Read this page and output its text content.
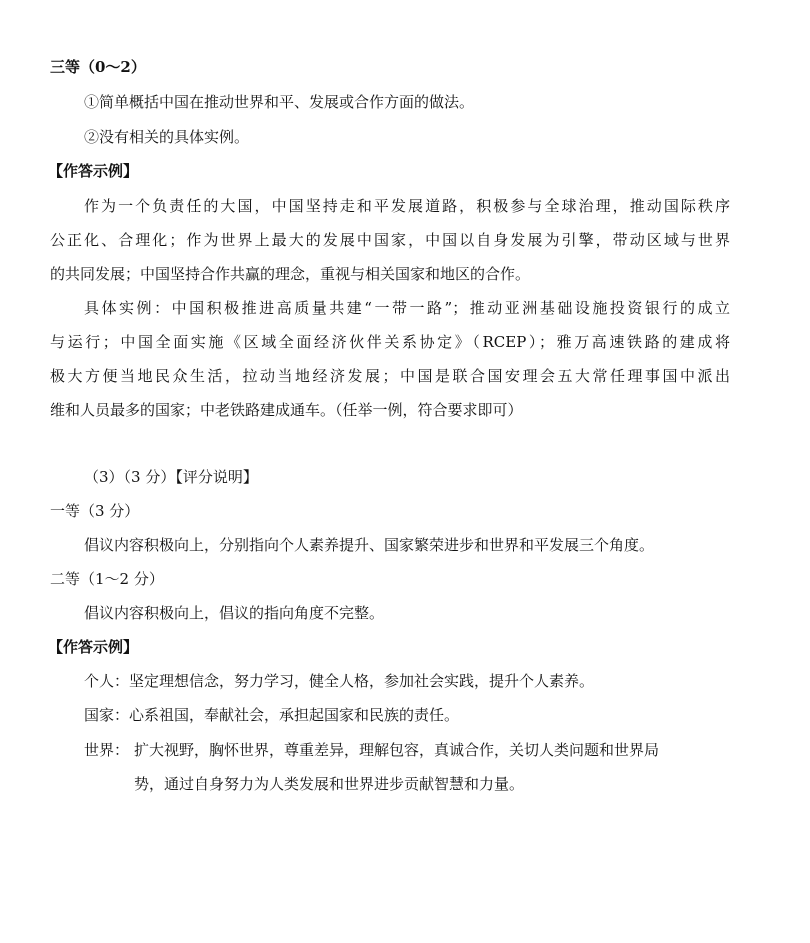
三等（0～2）
①简单概括中国在推动世界和平、发展或合作方面的做法。
②没有相关的具体实例。
【作答示例】
作为一个负责任的大国，中国坚持走和平发展道路，积极参与全球治理，推动国际秩序
公正化、合理化；作为世界上最大的发展中国家，中国以自身发展为引擎，带动区域与世界
的共同发展；中国坚持合作共赢的理念，重视与相关国家和地区的合作。
具体实例：中国积极推进高质量共建“一带一路”；推动亚洲基础设施投资银行的成立
与运行；中国全面实施《区域全面经济伙伴关系协定》（RCEP）；雅万高速铁路的建成将
极大方便当地民众生活，拉动当地经济发展；中国是联合国安理会五大常任理事国中派出
维和人员最多的国家；中老铁路建成通车。（任举一例，符合要求即可）
（3）（3 分）【评分说明】
一等（3 分）
倡议内容积极向上，分别指向个人素养提升、国家繁荣进步和世界和平发展三个角度。
二等（1～2 分）
倡议内容积极向上，倡议的指向角度不完整。
【作答示例】
个人：坚定理想信念，努力学习，健全人格，参加社会实践，提升个人素养。
国家：心系祖国，奉献社会，承担起国家和民族的责任。
世界： 扩大视野，胸怀世界，尊重差异，理解包容，真诚合作，关切人类问题和世界局
势，通过自身努力为人类发展和世界进步贡献智慧和力量。
